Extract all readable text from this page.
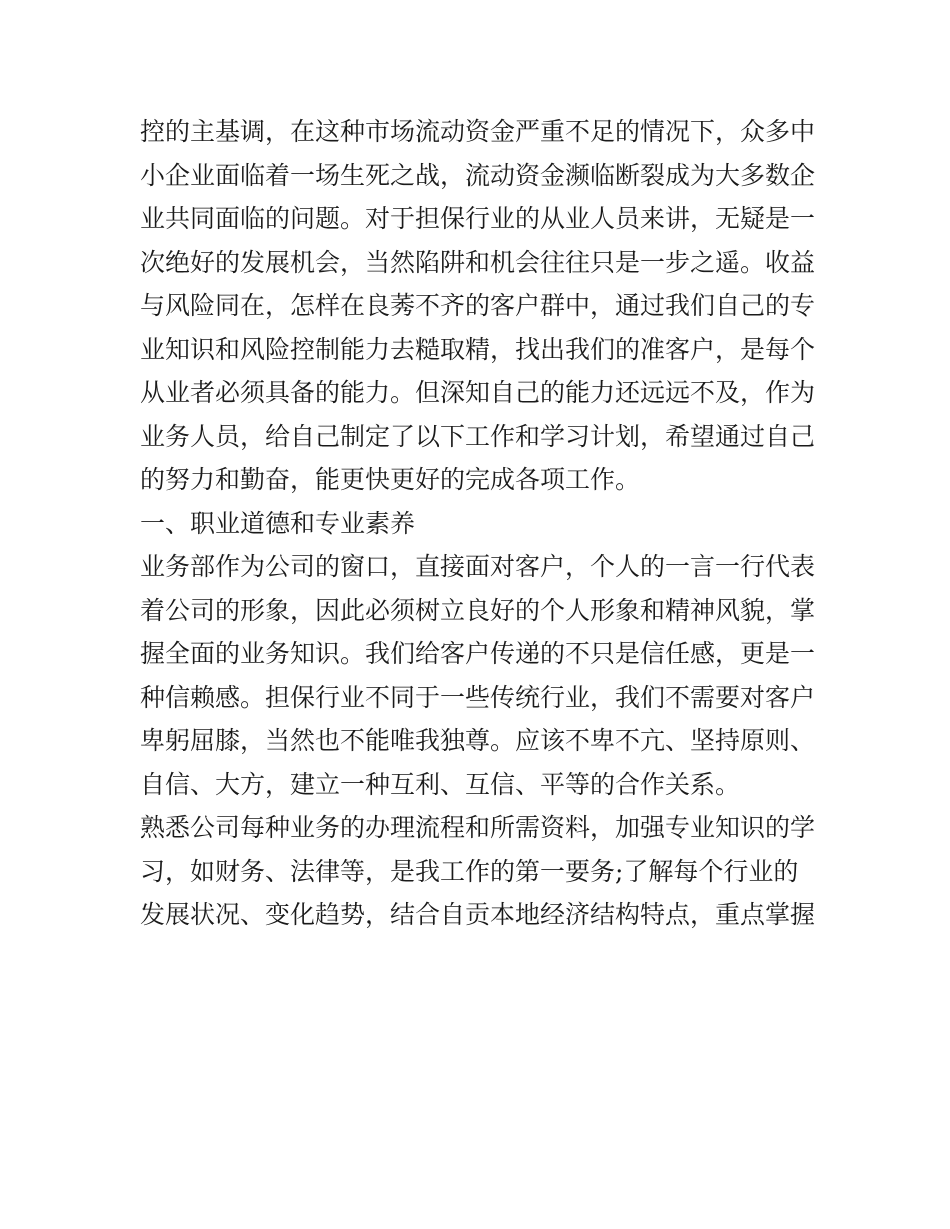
控的主基调，在这种市场流动资金严重不足的情况下，众多中
小企业面临着一场生死之战，流动资金濒临断裂成为大多数企
业共同面临的问题。对于担保行业的从业人员来讲，无疑是一
次绝好的发展机会，当然陷阱和机会往往只是一步之遥。收益
与风险同在，怎样在良莠不齐的客户群中，通过我们自己的专
业知识和风险控制能力去糙取精，找出我们的准客户，是每个
从业者必须具备的能力。但深知自己的能力还远远不及，作为
业务人员，给自己制定了以下工作和学习计划，希望通过自己
的努力和勤奋，能更快更好的完成各项工作。
一、职业道德和专业素养
业务部作为公司的窗口，直接面对客户，个人的一言一行代表
着公司的形象，因此必须树立良好的个人形象和精神风貌，掌
握全面的业务知识。我们给客户传递的不只是信任感，更是一
种信赖感。担保行业不同于一些传统行业，我们不需要对客户
卑躬屈膝，当然也不能唯我独尊。应该不卑不亢、坚持原则、
自信、大方，建立一种互利、互信、平等的合作关系。
熟悉公司每种业务的办理流程和所需资料，加强专业知识的学
习，如财务、法律等，是我工作的第一要务;了解每个行业的
发展状况、变化趋势，结合自贡本地经济结构特点，重点掌握
